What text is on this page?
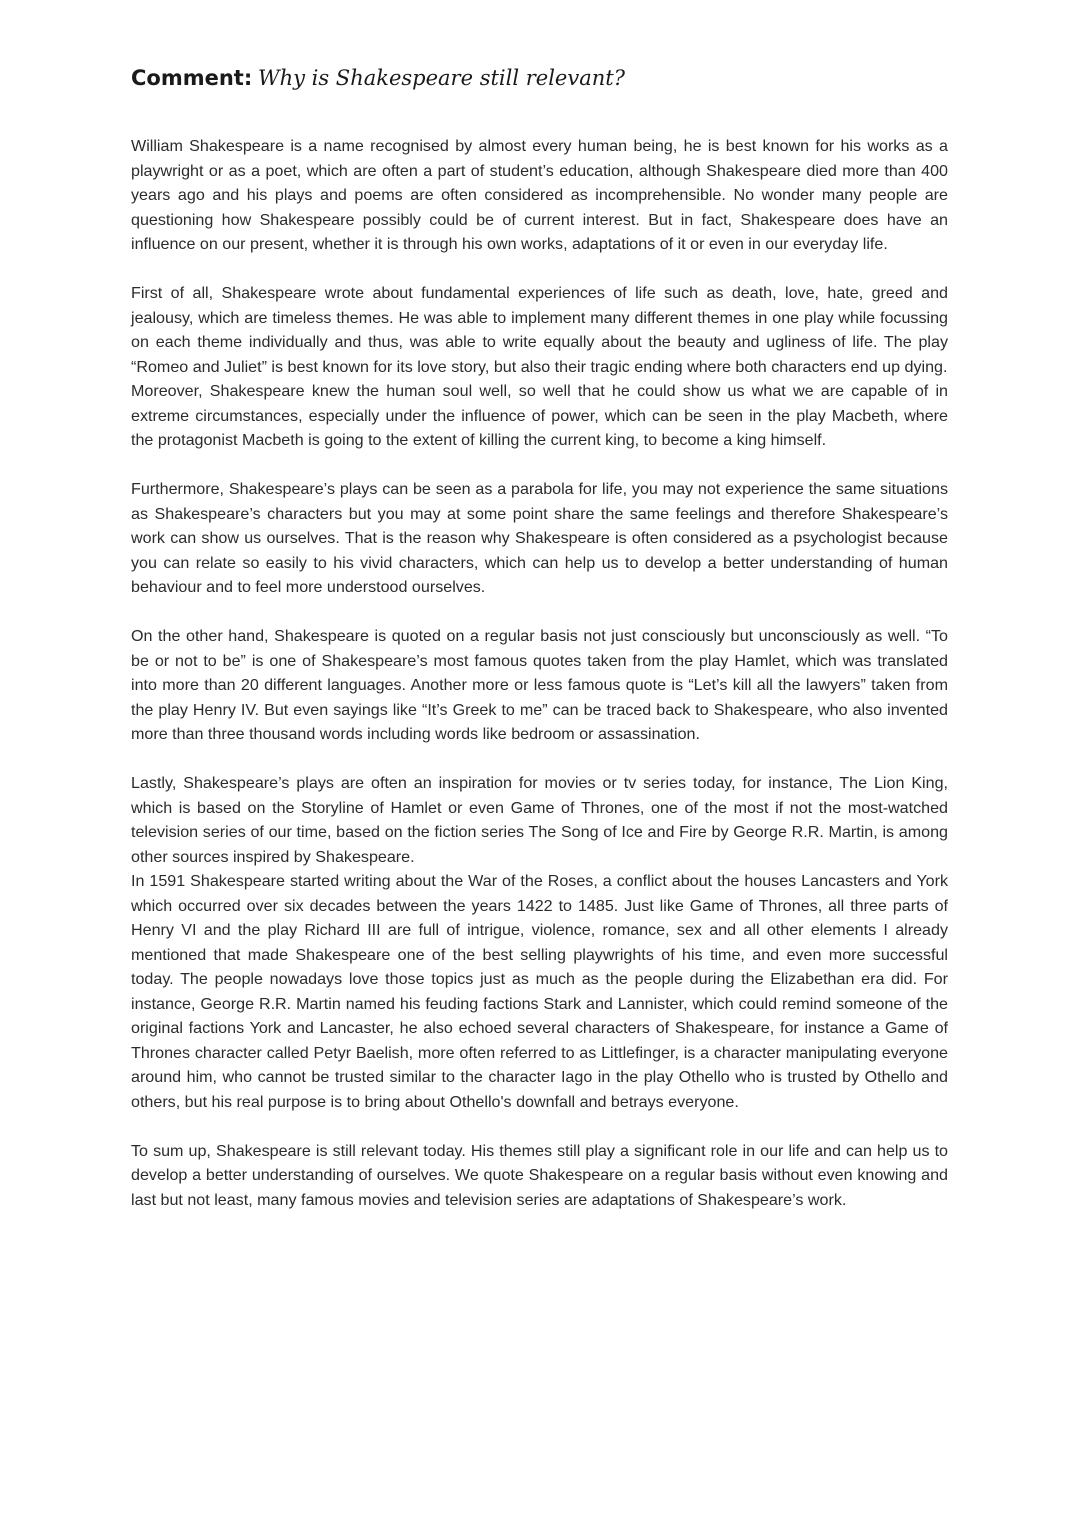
Comment: Why is Shakespeare still relevant?

William Shakespeare is a name recognised by almost every human being, he is best known for his works as a playwright or as a poet, which are often a part of student’s education, although Shakespeare died more than 400 years ago and his plays and poems are often considered as incomprehensible. No wonder many people are questioning how Shakespeare possibly could be of current interest. But in fact, Shakespeare does have an influence on our present, whether it is through his own works, adaptations of it or even in our everyday life.

First of all, Shakespeare wrote about fundamental experiences of life such as death, love, hate, greed and jealousy, which are timeless themes. He was able to implement many different themes in one play while focussing on each theme individually and thus, was able to write equally about the beauty and ugliness of life. The play “Romeo and Juliet” is best known for its love story, but also their tragic ending where both characters end up dying.

Moreover, Shakespeare knew the human soul well, so well that he could show us what we are capable of in extreme circumstances, especially under the influence of power, which can be seen in the play Macbeth, where the protagonist Macbeth is going to the extent of killing the current king, to become a king himself.

Furthermore, Shakespeare’s plays can be seen as a parabola for life, you may not experience the same situations as Shakespeare’s characters but you may at some point share the same feelings and therefore Shakespeare’s work can show us ourselves. That is the reason why Shakespeare is often considered as a psychologist because you can relate so easily to his vivid characters, which can help us to develop a better understanding of human behaviour and to feel more understood ourselves.

On the other hand, Shakespeare is quoted on a regular basis not just consciously but unconsciously as well. “To be or not to be” is one of Shakespeare’s most famous quotes taken from the play Hamlet, which was translated into more than 20 different languages. Another more or less famous quote is “Let’s kill all the lawyers” taken from the play Henry IV. But even sayings like “It’s Greek to me” can be traced back to Shakespeare, who also invented more than three thousand words including words like bedroom or assassination.

Lastly, Shakespeare’s plays are often an inspiration for movies or tv series today, for instance, The Lion King, which is based on the Storyline of Hamlet or even Game of Thrones, one of the most if not the most-watched television series of our time, based on the fiction series The Song of Ice and Fire by George R.R. Martin, is among other sources inspired by Shakespeare.

In 1591 Shakespeare started writing about the War of the Roses, a conflict about the houses Lancasters and York which occurred over six decades between the years 1422 to 1485. Just like Game of Thrones, all three parts of Henry VI and the play Richard III are full of intrigue, violence, romance, sex and all other elements I already mentioned that made Shakespeare one of the best selling playwrights of his time, and even more successful today. The people nowadays love those topics just as much as the people during the Elizabethan era did. For instance, George R.R. Martin named his feuding factions Stark and Lannister, which could remind someone of the original factions York and Lancaster, he also echoed several characters of Shakespeare, for instance a Game of Thrones character called Petyr Baelish, more often referred to as Littlefinger, is a character manipulating everyone around him, who cannot be trusted similar to the character Iago in the play Othello who is trusted by Othello and others, but his real purpose is to bring about Othello's downfall and betrays everyone.

To sum up, Shakespeare is still relevant today. His themes still play a significant role in our life and can help us to develop a better understanding of ourselves. We quote Shakespeare on a regular basis without even knowing and last but not least, many famous movies and television series are adaptations of Shakespeare’s work.
